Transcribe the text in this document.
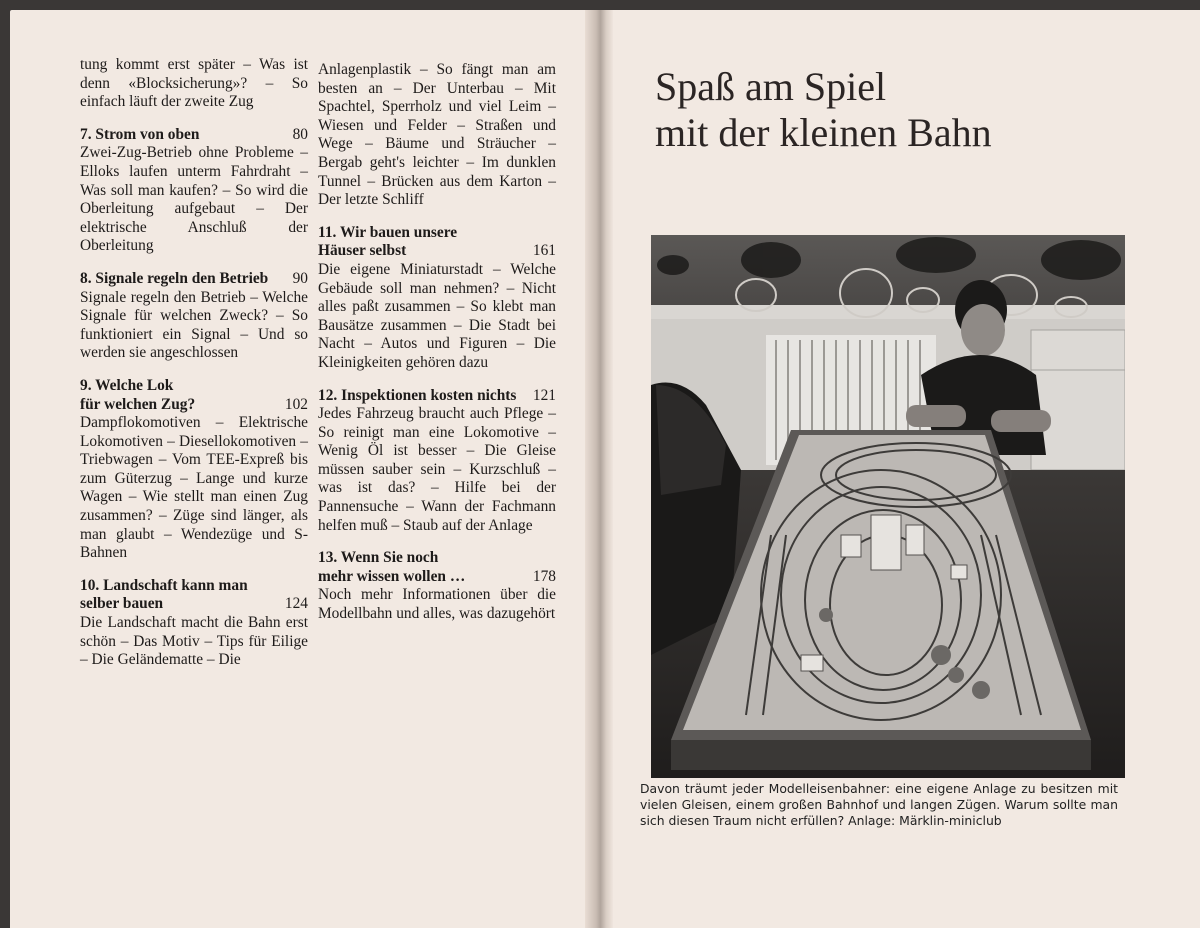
tung kommt erst später – Was ist denn «Blocksicherung»? – So einfach läuft der zweite Zug
7. Strom von oben	80
Zwei-Zug-Betrieb ohne Probleme – Elloks laufen unterm Fahrdraht – Was soll man kaufen? – So wird die Oberleitung aufgebaut – Der elektrische Anschluß der Oberleitung
8. Signale regeln den Betrieb 90
Signale regeln den Betrieb – Welche Signale für welchen Zweck? – So funktioniert ein Signal – Und so werden sie angeschlossen
9. Welche Lok
für welchen Zug?	102
Dampflokomotiven – Elektrische Lokomotiven – Diesellokomotiven – Triebwagen – Vom TEE-Expreß bis zum Güterzug – Lange und kurze Wagen – Wie stellt man einen Zug zusammen? – Züge sind länger, als man glaubt – Wendezüge und S-Bahnen
10. Landschaft kann man
selber bauen	124
Die Landschaft macht die Bahn erst schön – Das Motiv – Tips für Eilige – Die Geländematte – Die
Anlagenplastik – So fängt man am besten an – Der Unterbau – Mit Spachtel, Sperrholz und viel Leim – Wiesen und Felder – Straßen und Wege – Bäume und Sträucher – Bergab geht's leichter – Im dunklen Tunnel – Brücken aus dem Karton – Der letzte Schliff
11. Wir bauen unsere
Häuser selbst	161
Die eigene Miniaturstadt – Welche Gebäude soll man nehmen? – Nicht alles paßt zusammen – So klebt man Bausätze zusammen – Die Stadt bei Nacht – Autos und Figuren – Die Kleinigkeiten gehören dazu
12. Inspektionen kosten nichts 121
Jedes Fahrzeug braucht auch Pflege – So reinigt man eine Lokomotive – Wenig Öl ist besser – Die Gleise müssen sauber sein – Kurzschluß – was ist das? – Hilfe bei der Pannensuche – Wann der Fachmann helfen muß – Staub auf der Anlage
13. Wenn Sie noch
mehr wissen wollen …	178
Noch mehr Informationen über die Modellbahn und alles, was dazugehört
Spaß am Spiel
mit der kleinen Bahn
Davon träumt jeder Modelleisenbahner: eine eigene Anlage zu besitzen mit vielen Gleisen, einem großen Bahnhof und langen Zügen. Warum sollte man sich diesen Traum nicht erfüllen? Anlage: Märklin-miniclub
